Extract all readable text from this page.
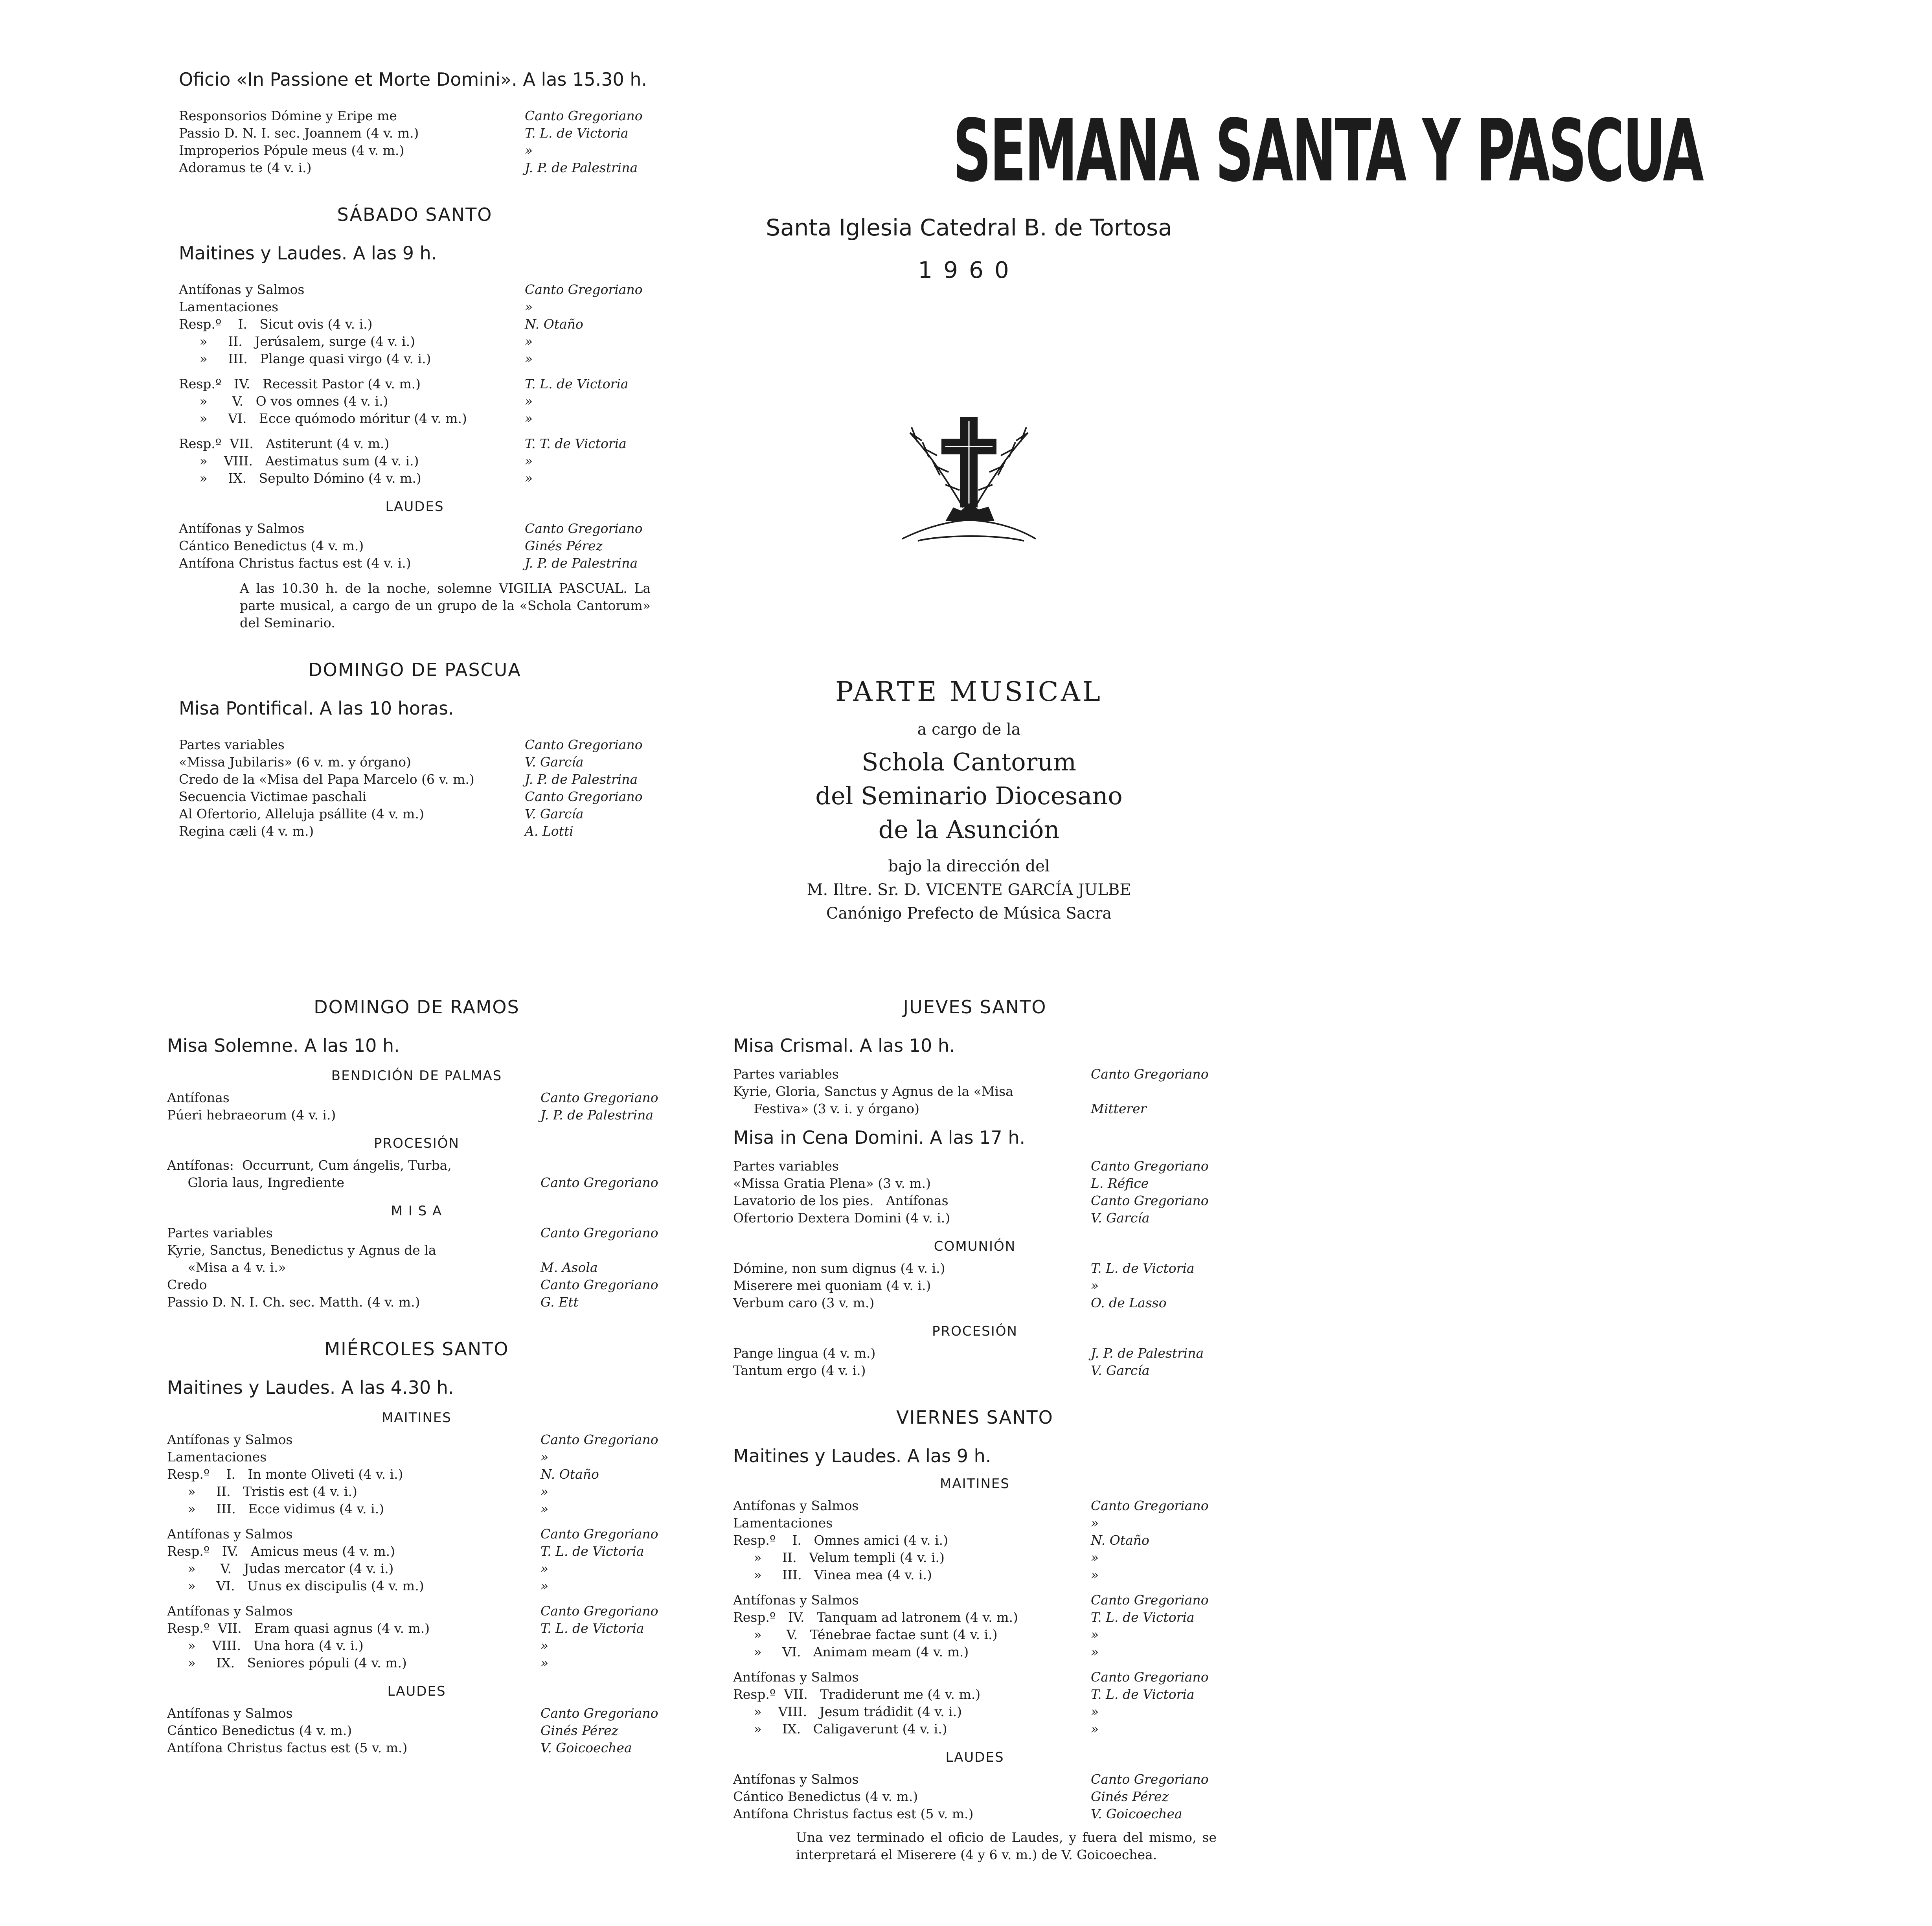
Oficio «In Passione et Morte Domini». A las 15.30 h.
Responsorios Dómine y Eripe me	Canto Gregoriano
Passio D. N. I. sec. Joannem (4 v. m.)	T. L. de Victoria
Improperios Pópule meus (4 v. m.)	»
Adoramus te (4 v. i.)	J. P. de Palestrina
SÁBADO SANTO
Maitines y Laudes. A las 9 h.
Antífonas y Salmos	Canto Gregoriano
Lamentaciones	»
Resp.º    I.   Sicut ovis (4 v. i.)	N. Otaño
»     II.   Jerúsalem, surge (4 v. i.)	»
»     III.   Plange quasi virgo (4 v. i.)	»
Resp.º   IV.   Recessit Pastor (4 v. m.)	T. L. de Victoria
»      V.   O vos omnes (4 v. i.)	»
»     VI.   Ecce quómodo móritur (4 v. m.)	»
Resp.º  VII.   Astiterunt (4 v. m.)	T. T. de Victoria
»    VIII.   Aestimatus sum (4 v. i.)	»
»     IX.   Sepulto Dómino (4 v. m.)	»
LAUDES
Antífonas y Salmos	Canto Gregoriano
Cántico Benedictus (4 v. m.)	Ginés Pérez
Antífona Christus factus est (4 v. i.)	J. P. de Palestrina
A las 10.30 h. de la noche, solemne VIGILIA PASCUAL. La parte musical, a cargo de un grupo de la «Schola Cantorum» del Seminario.
DOMINGO DE PASCUA
Misa Pontifical. A las 10 horas.
Partes variables	Canto Gregoriano
«Missa Jubilaris» (6 v. m. y órgano)	V. García
Credo de la «Misa del Papa Marcelo (6 v. m.)	J. P. de Palestrina
Secuencia Victimae paschali	Canto Gregoriano
Al Ofertorio, Alleluja psállite (4 v. m.)	V. García
Regina cæli (4 v. m.)	A. Lotti
SEMANA SANTA Y PASCUA
Santa Iglesia Catedral B. de Tortosa
1960
PARTE MUSICAL
a cargo de la
Schola Cantorum
del Seminario Diocesano
de la Asunción
bajo la dirección del
M. Iltre. Sr. D. VICENTE GARCÍA JULBE
Canónigo Prefecto de Música Sacra
DOMINGO DE RAMOS
Misa Solemne. A las 10 h.
BENDICIÓN DE PALMAS
Antífonas	Canto Gregoriano
Púeri hebraeorum (4 v. i.)	J. P. de Palestrina
PROCESIÓN
Antífonas:  Occurrunt, Cum ángelis, Turba,
Gloria laus, Ingrediente	Canto Gregoriano
M I S A
Partes variables	Canto Gregoriano
Kyrie, Sanctus, Benedictus y Agnus de la
«Misa a 4 v. i.»	M. Asola
Credo	Canto Gregoriano
Passio D. N. I. Ch. sec. Matth. (4 v. m.)	G. Ett
MIÉRCOLES SANTO
Maitines y Laudes. A las 4.30 h.
MAITINES
Antífonas y Salmos	Canto Gregoriano
Lamentaciones	»
Resp.º    I.   In monte Oliveti (4 v. i.)	N. Otaño
»     II.   Tristis est (4 v. i.)	»
»     III.   Ecce vidimus (4 v. i.)	»
Antífonas y Salmos	Canto Gregoriano
Resp.º   IV.   Amicus meus (4 v. m.)	T. L. de Victoria
»      V.   Judas mercator (4 v. i.)	»
»     VI.   Unus ex discipulis (4 v. m.)	»
Antífonas y Salmos	Canto Gregoriano
Resp.º  VII.   Eram quasi agnus (4 v. m.)	T. L. de Victoria
»    VIII.   Una hora (4 v. i.)	»
»     IX.   Seniores pópuli (4 v. m.)	»
LAUDES
Antífonas y Salmos	Canto Gregoriano
Cántico Benedictus (4 v. m.)	Ginés Pérez
Antífona Christus factus est (5 v. m.)	V. Goicoechea
JUEVES SANTO
Misa Crismal. A las 10 h.
Partes variables	Canto Gregoriano
Kyrie, Gloria, Sanctus y Agnus de la «Misa
Festiva» (3 v. i. y órgano)	Mitterer
Misa in Cena Domini. A las 17 h.
Partes variables	Canto Gregoriano
«Missa Gratia Plena» (3 v. m.)	L. Réfice
Lavatorio de los pies.   Antífonas	Canto Gregoriano
Ofertorio Dextera Domini (4 v. i.)	V. García
COMUNIÓN
Dómine, non sum dignus (4 v. i.)	T. L. de Victoria
Miserere mei quoniam (4 v. i.)	»
Verbum caro (3 v. m.)	O. de Lasso
PROCESIÓN
Pange lingua (4 v. m.)	J. P. de Palestrina
Tantum ergo (4 v. i.)	V. García
VIERNES SANTO
Maitines y Laudes. A las 9 h.
MAITINES
Antífonas y Salmos	Canto Gregoriano
Lamentaciones	»
Resp.º    I.   Omnes amici (4 v. i.)	N. Otaño
»     II.   Velum templi (4 v. i.)	»
»     III.   Vinea mea (4 v. i.)	»
Antífonas y Salmos	Canto Gregoriano
Resp.º   IV.   Tanquam ad latronem (4 v. m.)	T. L. de Victoria
»      V.   Ténebrae factae sunt (4 v. i.)	»
»     VI.   Animam meam (4 v. m.)	»
Antífonas y Salmos	Canto Gregoriano
Resp.º  VII.   Tradiderunt me (4 v. m.)	T. L. de Victoria
»    VIII.   Jesum trádidit (4 v. i.)	»
»     IX.   Caligaverunt (4 v. i.)	»
LAUDES
Antífonas y Salmos	Canto Gregoriano
Cántico Benedictus (4 v. m.)	Ginés Pérez
Antífona Christus factus est (5 v. m.)	V. Goicoechea
Una vez terminado el oficio de Laudes, y fuera del mismo, se interpretará el Miserere (4 y 6 v. m.) de V. Goicoechea.
